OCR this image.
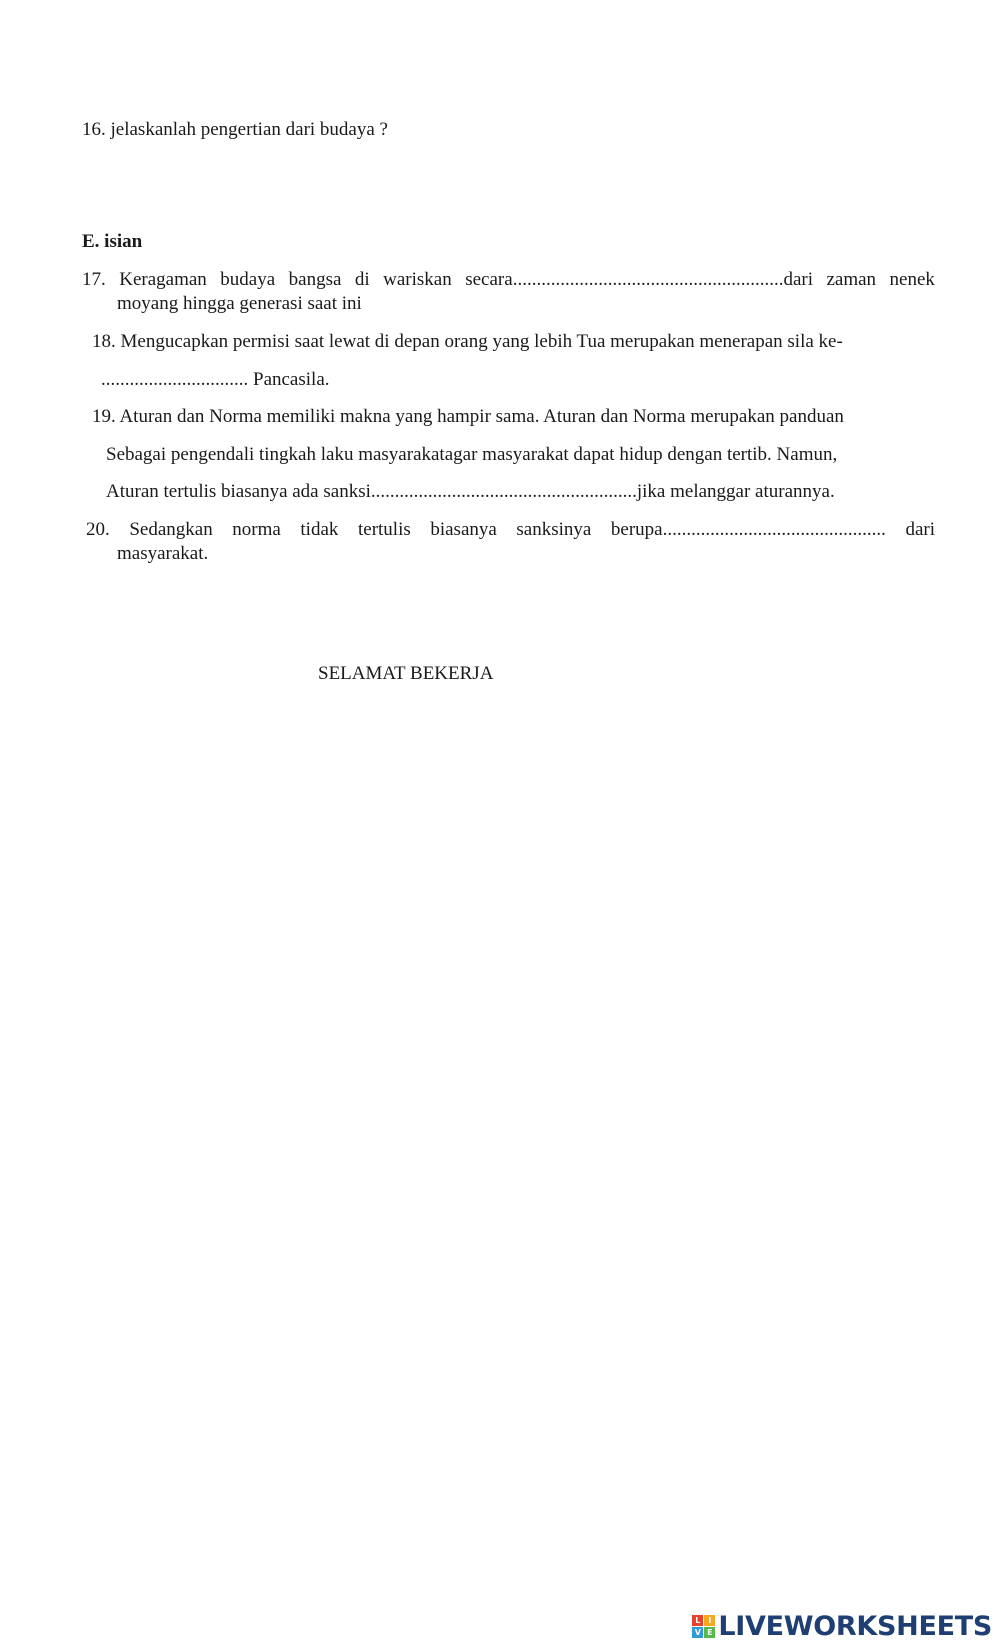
16. jelaskanlah pengertian dari budaya ?
E. isian
17. Keragaman budaya bangsa di wariskan secara.........................................................dari zaman nenek
moyang hingga generasi saat ini
18. Mengucapkan permisi saat lewat di depan orang yang lebih Tua merupakan menerapan sila ke-
............................... Pancasila.
19. Aturan dan Norma memiliki makna yang hampir sama. Aturan dan Norma merupakan panduan
Sebagai pengendali tingkah laku masyarakatagar masyarakat dapat hidup dengan tertib. Namun,
Aturan tertulis biasanya ada sanksi........................................................jika melanggar aturannya.
20. Sedangkan norma tidak tertulis biasanya sanksinya berupa............................................... dari
masyarakat.
SELAMAT BEKERJA
L I
V E LIVEWORKSHEETS
